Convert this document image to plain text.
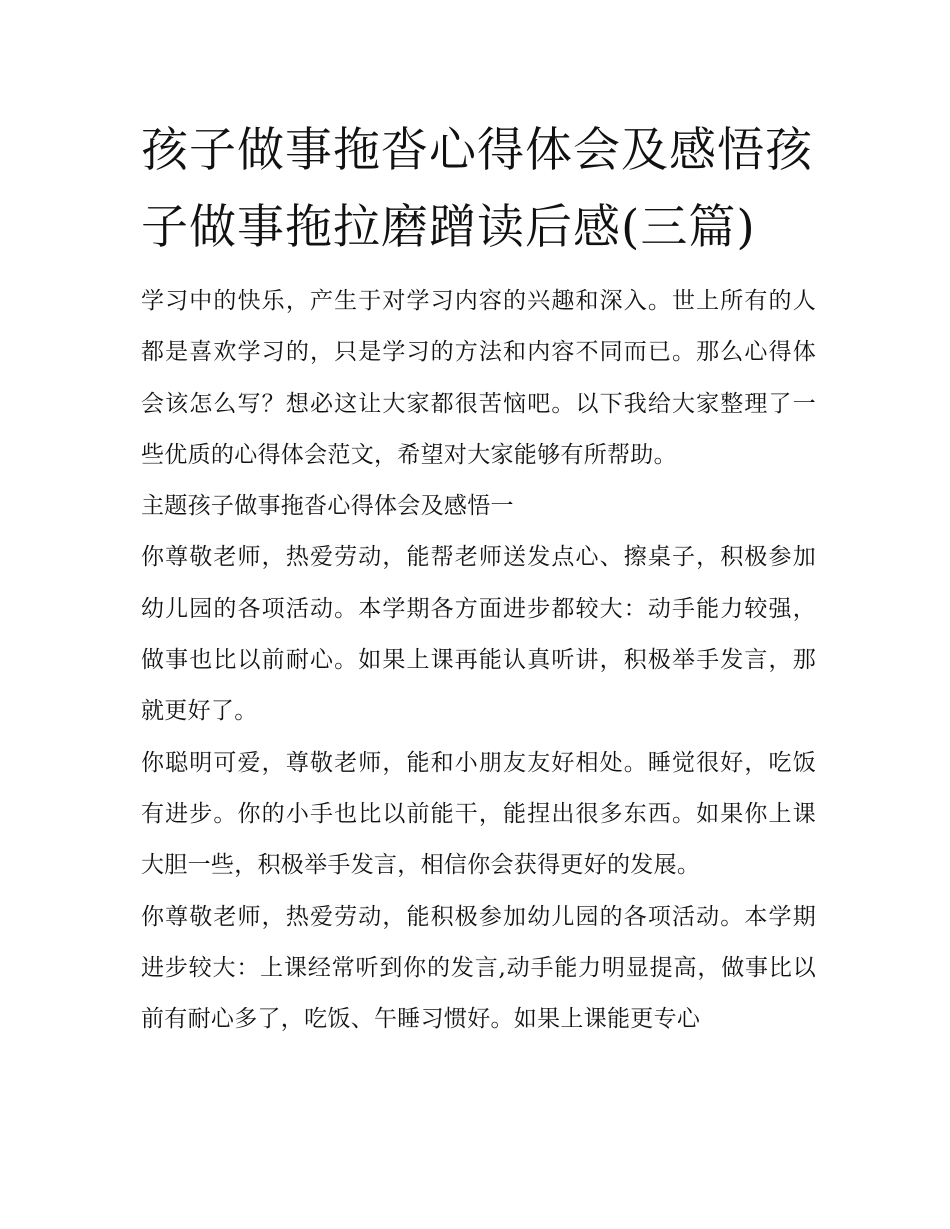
孩子做事拖沓心得体会及感悟孩子做事拖拉磨蹭读后感(三篇)

学习中的快乐，产生于对学习内容的兴趣和深入。世上所有的人都是喜欢学习的，只是学习的方法和内容不同而已。那么心得体会该怎么写？想必这让大家都很苦恼吧。以下我给大家整理了一些优质的心得体会范文，希望对大家能够有所帮助。

主题孩子做事拖沓心得体会及感悟一

你尊敬老师，热爱劳动，能帮老师送发点心、擦桌子，积极参加幼儿园的各项活动。本学期各方面进步都较大：动手能力较强，做事也比以前耐心。如果上课再能认真听讲，积极举手发言，那就更好了。

你聪明可爱，尊敬老师，能和小朋友友好相处。睡觉很好，吃饭有进步。你的小手也比以前能干，能捏出很多东西。如果你上课大胆一些，积极举手发言，相信你会获得更好的发展。

你尊敬老师，热爱劳动，能积极参加幼儿园的各项活动。本学期进步较大：上课经常听到你的发言,动手能力明显提高，做事比以前有耐心多了，吃饭、午睡习惯好。如果上课能更专心
